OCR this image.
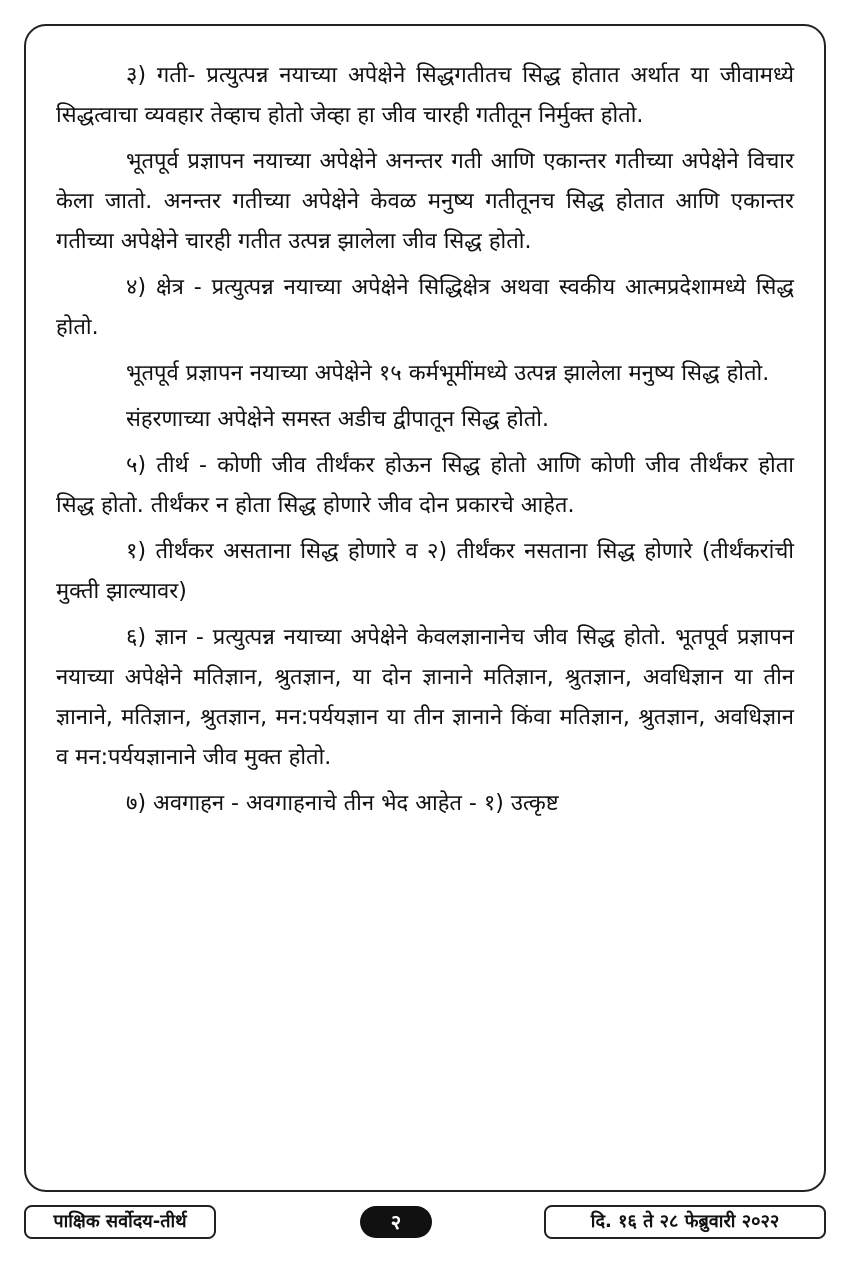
३) गती- प्रत्युत्पन्न नयाच्या अपेक्षेने सिद्धगतीतच सिद्ध होतात अर्थात या जीवामध्ये सिद्धत्वाचा व्यवहार तेव्हाच होतो जेव्हा हा जीव चारही गतीतून निर्मुक्त होतो.

भूतपूर्व प्रज्ञापन नयाच्या अपेक्षेने अनन्तर गती आणि एकान्तर गतीच्या अपेक्षेने विचार केला जातो. अनन्तर गतीच्या अपेक्षेने केवळ मनुष्य गतीतूनच सिद्ध होतात आणि एकान्तर गतीच्या अपेक्षेने चारही गतीत उत्पन्न झालेला जीव सिद्ध होतो.

४) क्षेत्र - प्रत्युत्पन्न नयाच्या अपेक्षेने सिद्धिक्षेत्र अथवा स्वकीय आत्मप्रदेशामध्ये सिद्ध होतो.

भूतपूर्व प्रज्ञापन नयाच्या अपेक्षेने १५ कर्मभूमींमध्ये उत्पन्न झालेला मनुष्य सिद्ध होतो.

संहरणाच्या अपेक्षेने समस्त अडीच द्वीपातून सिद्ध होतो.

५) तीर्थ - कोणी जीव तीर्थंकर होऊन सिद्ध होतो आणि कोणी जीव तीर्थंकर होता सिद्ध होतो. तीर्थंकर न होता सिद्ध होणारे जीव दोन प्रकारचे आहेत.

१) तीर्थंकर असताना सिद्ध होणारे व २) तीर्थंकर नसताना सिद्ध होणारे (तीर्थंकरांची मुक्ती झाल्यावर)

६) ज्ञान - प्रत्युत्पन्न नयाच्या अपेक्षेने केवलज्ञानानेच जीव सिद्ध होतो. भूतपूर्व प्रज्ञापन नयाच्या अपेक्षेने मतिज्ञान, श्रुतज्ञान, या दोन ज्ञानाने मतिज्ञान, श्रुतज्ञान, अवधिज्ञान या तीन ज्ञानाने, मतिज्ञान, श्रुतज्ञान, मन:पर्ययज्ञान या तीन ज्ञानाने किंवा मतिज्ञान, श्रुतज्ञान, अवधिज्ञान व मन:पर्ययज्ञानाने जीव मुक्त होतो.

७) अवगाहन - अवगाहनाचे तीन भेद आहेत - १) उत्कृष्ट

पाक्षिक सर्वोदय-तीर्थ	२	दि. १६ ते २८ फेब्रुवारी २०२२
